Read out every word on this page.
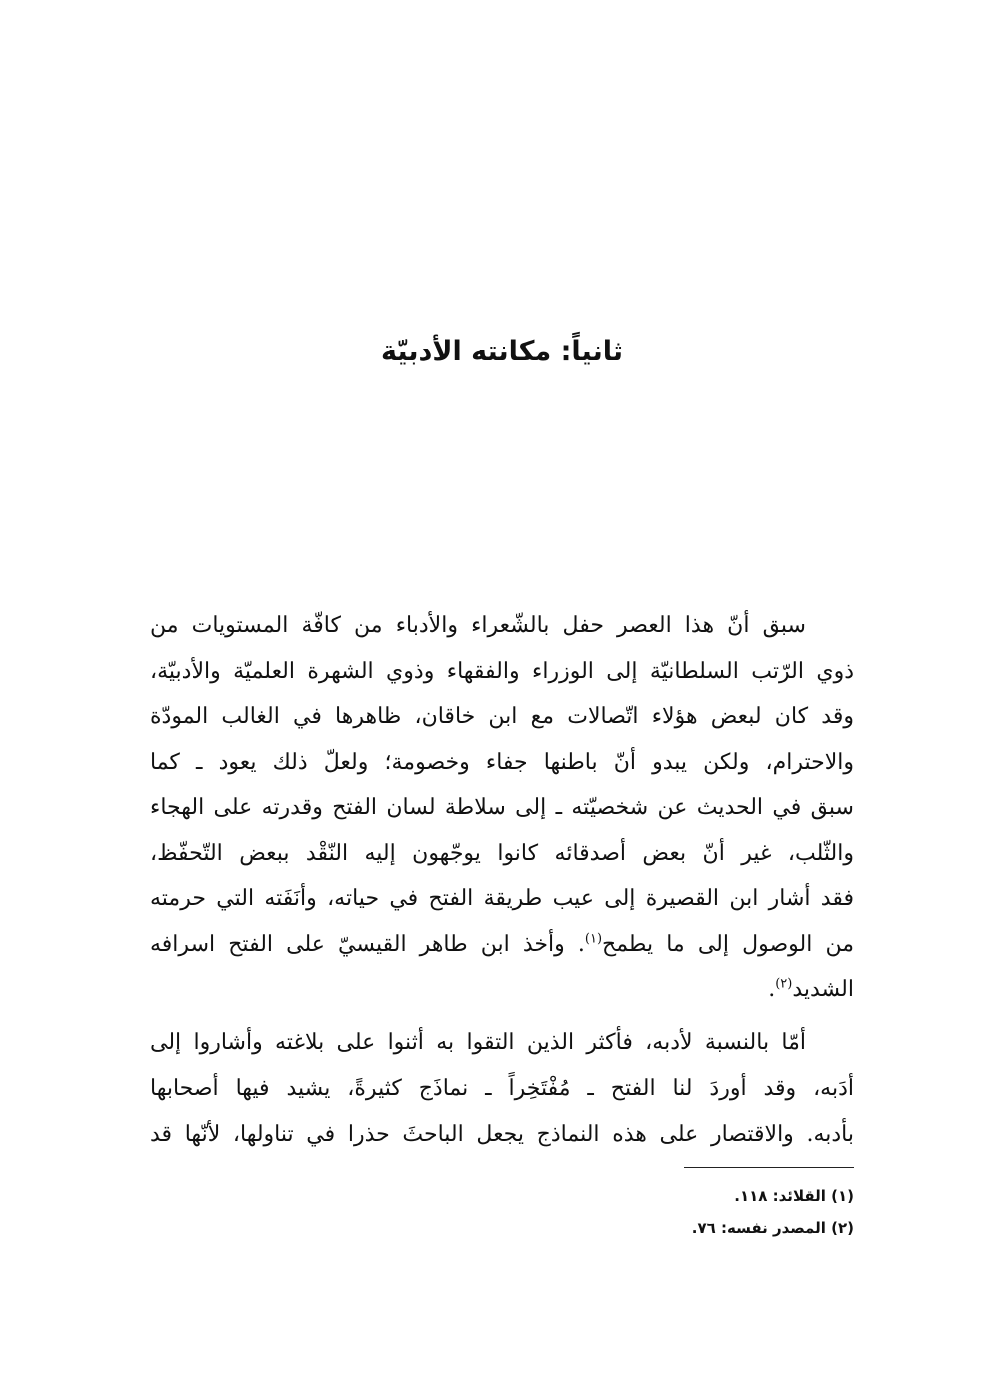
ثانياً: مكانته الأدبيّة
سبق أنّ هذا العصر حفل بالشّعراء والأدباء من كافّة المستويات من
ذوي الرّتب السلطانيّة إلى الوزراء والفقهاء وذوي الشهرة العلميّة والأدبيّة،
وقد كان لبعض هؤلاء اتّصالات مع ابن خاقان، ظاهرها في الغالب المودّة
والاحترام، ولكن يبدو أنّ باطنها جفاء وخصومة؛ ولعلّ ذلك يعود ـ كما
سبق في الحديث عن شخصيّته ـ إلى سلاطة لسان الفتح وقدرته على الهجاء
والثّلب، غير أنّ بعض أصدقائه كانوا يوجّهون إليه النّقْد ببعض التّحفّظ،
فقد أشار ابن القصيرة إلى عيب طريقة الفتح في حياته، وأنَفَته التي حرمته
من الوصول إلى ما يطمح$^{(١)}$. وأخذ ابن طاهر القيسيّ على الفتح اسرافه
الشديد$^{(٢)}$.
أمّا بالنسبة لأدبه، فأكثر الذين التقوا به أثنوا على بلاغته وأشاروا إلى
أدَبه، وقد أوردَ لنا الفتح ـ مُفْتَخِراً ـ نماذَج كثيرةً، يشيد فيها أصحابها
بأدبه. والاقتصار على هذه النماذج يجعل الباحثَ حذرا في تناولها، لأنّها قد
(١) القلائد: ١١٨.
(٢) المصدر نفسه: ٧٦.
